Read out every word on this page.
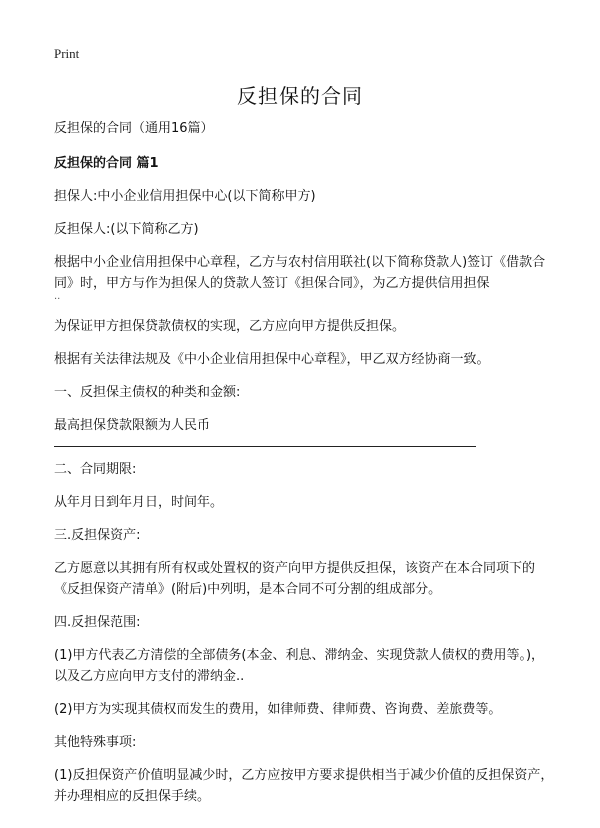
Print
反担保的合同

反担保的合同（通用16篇）

反担保的合同 篇1

担保人:中小企业信用担保中心(以下简称甲方)

反担保人:(以下简称乙方)

根据中小企业信用担保中心章程，乙方与农村信用联社(以下简称贷款人)签订《借款合同》时，甲方与作为担保人的贷款人签订《担保合同》，为乙方提供信用担保

..

为保证甲方担保贷款债权的实现，乙方应向甲方提供反担保。

根据有关法律法规及《中小企业信用担保中心章程》，甲乙双方经协商一致。

一、反担保主债权的种类和金额:

最高担保贷款限额为人民币

二、合同期限:

从年月日到年月日，时间年。

三.反担保资产:

乙方愿意以其拥有所有权或处置权的资产向甲方提供反担保，该资产在本合同项下的《反担保资产清单》(附后)中列明，是本合同不可分割的组成部分。

四.反担保范围:

(1)甲方代表乙方清偿的全部债务(本金、利息、滞纳金、实现贷款人债权的费用等。)，以及乙方应向甲方支付的滞纳金..

(2)甲方为实现其债权而发生的费用，如律师费、律师费、咨询费、差旅费等。

其他特殊事项:

(1)反担保资产价值明显减少时，乙方应按甲方要求提供相当于减少价值的反担保资产，并办理相应的反担保手续。
